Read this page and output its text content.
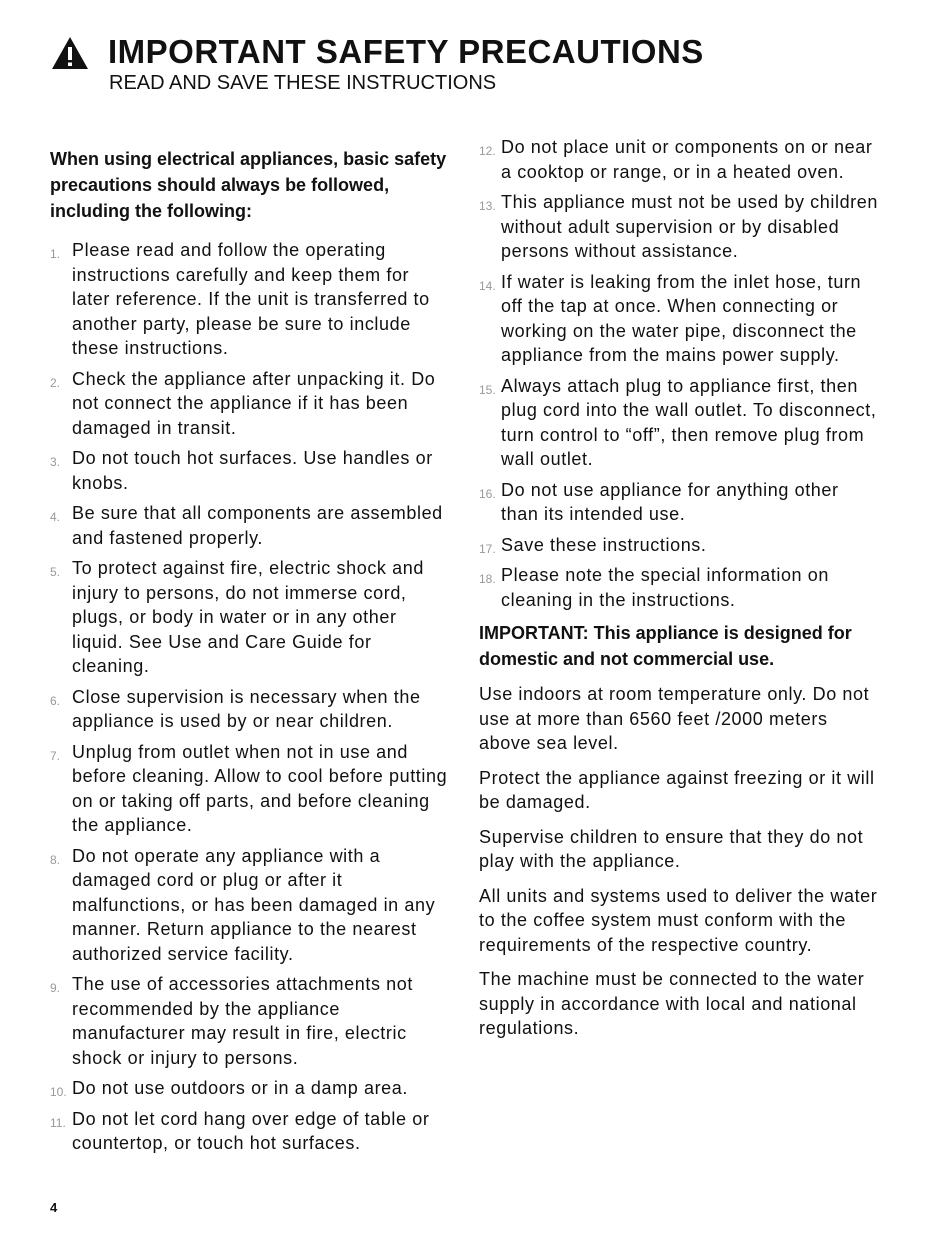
IMPORTANT SAFETY PRECAUTIONS
READ AND SAVE THESE INSTRUCTIONS

When using electrical appliances, basic safety precautions should always be followed, including the following:

1. Please read and follow the operating instructions carefully and keep them for later reference. If the unit is transferred to another party, please be sure to include these instructions.
2. Check the appliance after unpacking it. Do not connect the appliance if it has been damaged in transit.
3. Do not touch hot surfaces. Use handles or knobs.
4. Be sure that all components are assembled and fastened properly.
5. To protect against fire, electric shock and injury to persons, do not immerse cord, plugs, or body in water or in any other liquid. See Use and Care Guide for cleaning.
6. Close supervision is necessary when the appliance is used by or near children.
7. Unplug from outlet when not in use and before cleaning. Allow to cool before putting on or taking off parts, and before cleaning the appliance.
8. Do not operate any appliance with a damaged cord or plug or after it malfunctions, or has been damaged in any manner. Return appliance to the nearest authorized service facility.
9. The use of accessories attachments not recommended by the appliance manufacturer may result in fire, electric shock or injury to persons.
10. Do not use outdoors or in a damp area.
11. Do not let cord hang over edge of table or countertop, or touch hot surfaces.
12. Do not place unit or components on or near a cooktop or range, or in a heated oven.
13. This appliance must not be used by children without adult supervision or by disabled persons without assistance.
14. If water is leaking from the inlet hose, turn off the tap at once. When connecting or working on the water pipe, disconnect the appliance from the mains power supply.
15. Always attach plug to appliance first, then plug cord into the wall outlet. To disconnect, turn control to “off”, then remove plug from wall outlet.
16. Do not use appliance for anything other than its intended use.
17. Save these instructions.
18. Please note the special information on cleaning in the instructions.

IMPORTANT: This appliance is designed for domestic and not commercial use.

Use indoors at room temperature only. Do not use at more than 6560 feet /2000 meters above sea level.

Protect the appliance against freezing or it will be damaged.

Supervise children to ensure that they do not play with the appliance.

All units and systems used to deliver the water to the coffee system must conform with the requirements of the respective country.

The machine must be connected to the water supply in accordance with local and national regulations.

4
